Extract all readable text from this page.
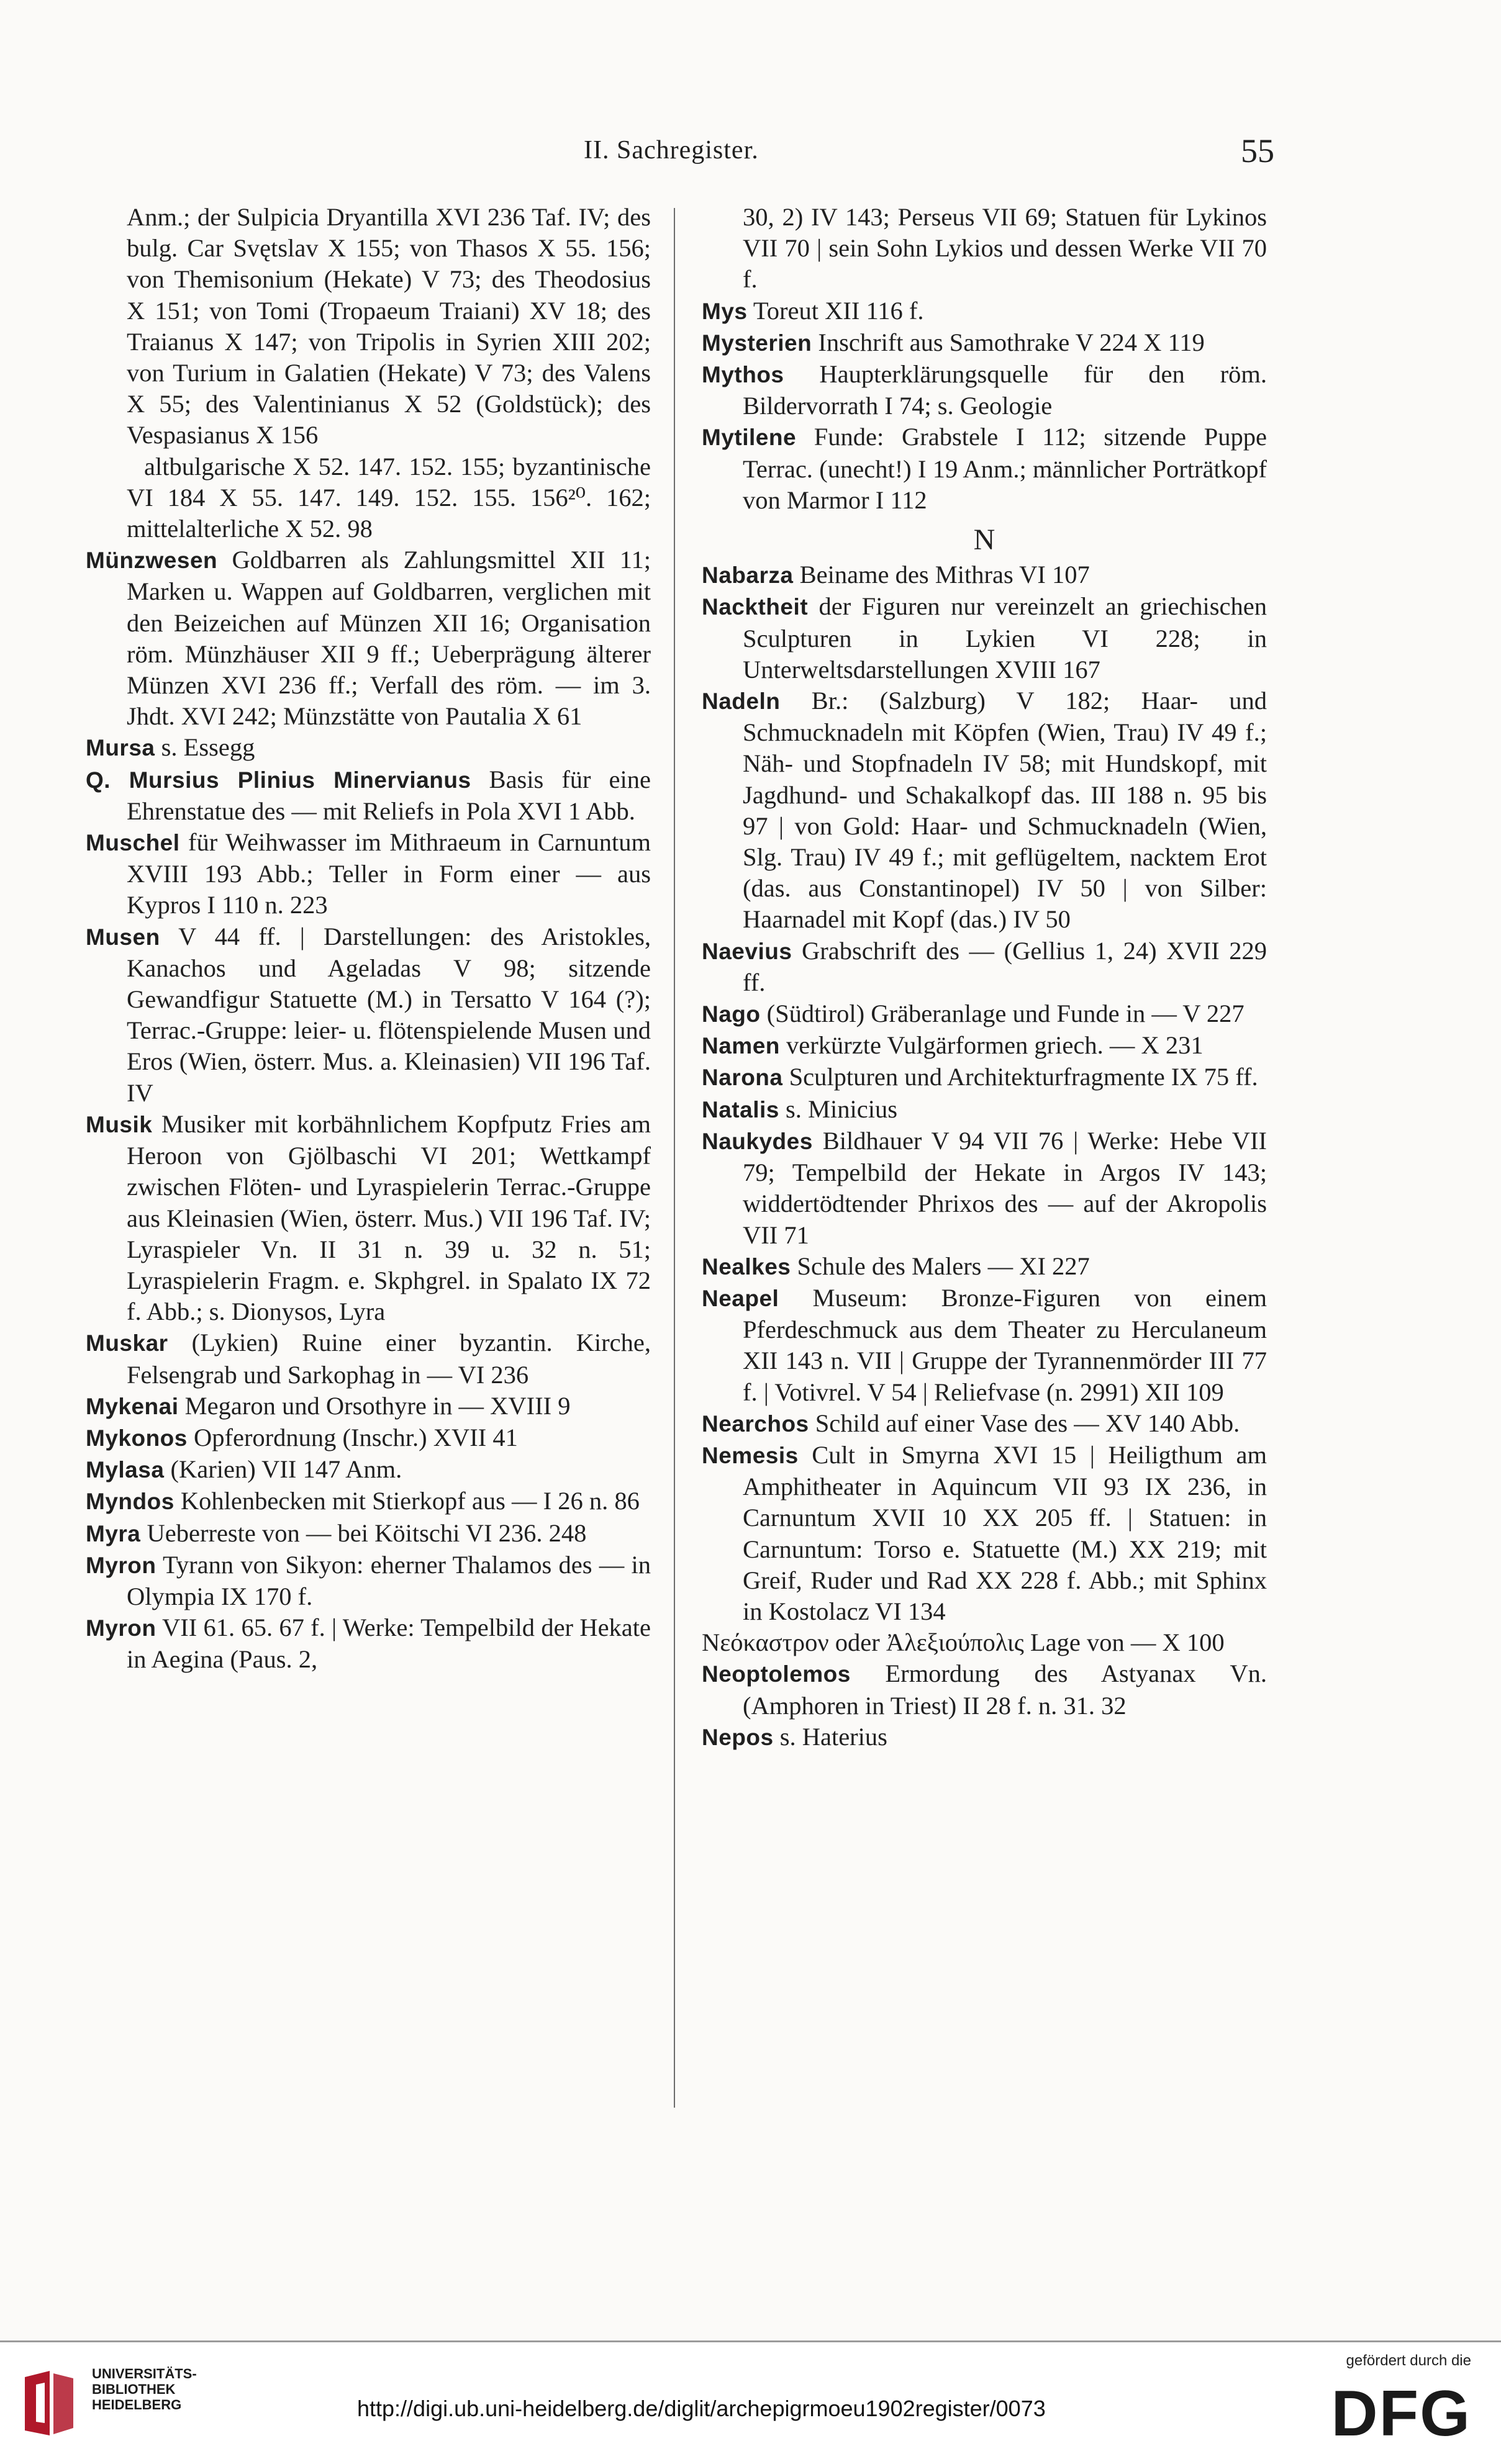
II. Sachregister.	55

Anm.; der Sulpicia Dryantilla XVI 236 Taf. IV; des bulg. Car Svętslav X 155; von Thasos X 55. 156; von Themisonium (Hekate) V 73; des Theodosius X 151; von Tomi (Tropaeum Traiani) XV 18; des Traianus X 147; von Tripolis in Syrien XIII 202; von Turium in Galatien (Hekate) V 73; des Valens X 55; des Valentinianus X 52 (Goldstück); des Vespasianus X 156

altbulgarische X 52. 147. 152. 155; byzantinische VI 184 X 55. 147. 149. 152. 155. 156²⁰. 162; mittelalterliche X 52. 98

Münzwesen Goldbarren als Zahlungsmittel XII 11; Marken u. Wappen auf Goldbarren, verglichen mit den Beizeichen auf Münzen XII 16; Organisation röm. Münzhäuser XII 9 ff.; Ueberprägung älterer Münzen XVI 236 ff.; Verfall des röm. — im 3. Jhdt. XVI 242; Münzstätte von Pautalia X 61

Mursa s. Essegg

Q. Mursius Plinius Minervianus Basis für eine Ehrenstatue des — mit Reliefs in Pola XVI 1 Abb.

Muschel für Weihwasser im Mithraeum in Carnuntum XVIII 193 Abb.; Teller in Form einer — aus Kypros I 110 n. 223

Musen V 44 ff. | Darstellungen: des Aristokles, Kanachos und Ageladas V 98; sitzende Gewandfigur Statuette (M.) in Tersatto V 164 (?); Terrac.-Gruppe: leier- u. flötenspielende Musen und Eros (Wien, österr. Mus. a. Kleinasien) VII 196 Taf. IV

Musik Musiker mit korbähnlichem Kopfputz Fries am Heroon von Gjölbaschi VI 201; Wettkampf zwischen Flöten- und Lyraspielerin Terrac.-Gruppe aus Kleinasien (Wien, österr. Mus.) VII 196 Taf. IV; Lyraspieler Vn. II 31 n. 39 u. 32 n. 51; Lyraspielerin Fragm. e. Skphgrel. in Spalato IX 72 f. Abb.; s. Dionysos, Lyra

Muskar (Lykien) Ruine einer byzantin. Kirche, Felsengrab und Sarkophag in — VI 236

Mykenai Megaron und Orsothyre in — XVIII 9

Mykonos Opferordnung (Inschr.) XVII 41

Mylasa (Karien) VII 147 Anm.

Myndos Kohlenbecken mit Stierkopf aus — I 26 n. 86

Myra Ueberreste von — bei Köitschi VI 236. 248

Myron Tyrann von Sikyon: eherner Thalamos des — in Olympia IX 170 f.

Myron VII 61. 65. 67 f. | Werke: Tempelbild der Hekate in Aegina (Paus. 2,

30, 2) IV 143; Perseus VII 69; Statuen für Lykinos VII 70 | sein Sohn Lykios und dessen Werke VII 70 f.

Mys Toreut XII 116 f.

Mysterien Inschrift aus Samothrake V 224 X 119

Mythos Haupterklärungsquelle für den röm. Bildervorrath I 74; s. Geologie

Mytilene Funde: Grabstele I 112; sitzende Puppe Terrac. (unecht!) I 19 Anm.; männlicher Porträtkopf von Marmor I 112

N

Nabarza Beiname des Mithras VI 107

Nacktheit der Figuren nur vereinzelt an griechischen Sculpturen in Lykien VI 228; in Unterweltsdarstellungen XVIII 167

Nadeln Br.: (Salzburg) V 182; Haar- und Schmucknadeln mit Köpfen (Wien, Trau) IV 49 f.; Näh- und Stopfnadeln IV 58; mit Hundskopf, mit Jagdhund- und Schakalkopf das. III 188 n. 95 bis 97 | von Gold: Haar- und Schmucknadeln (Wien, Slg. Trau) IV 49 f.; mit geflügeltem, nacktem Erot (das. aus Constantinopel) IV 50 | von Silber: Haarnadel mit Kopf (das.) IV 50

Naevius Grabschrift des — (Gellius 1, 24) XVII 229 ff.

Nago (Südtirol) Gräberanlage und Funde in — V 227

Namen verkürzte Vulgärformen griech. — X 231

Narona Sculpturen und Architekturfragmente IX 75 ff.

Natalis s. Minicius

Naukydes Bildhauer V 94 VII 76 | Werke: Hebe VII 79; Tempelbild der Hekate in Argos IV 143; widdertödtender Phrixos des — auf der Akropolis VII 71

Nealkes Schule des Malers — XI 227

Neapel Museum: Bronze-Figuren von einem Pferdeschmuck aus dem Theater zu Herculaneum XII 143 n. VII | Gruppe der Tyrannenmörder III 77 f. | Votivrel. V 54 | Reliefvase (n. 2991) XII 109

Nearchos Schild auf einer Vase des — XV 140 Abb.

Nemesis Cult in Smyrna XVI 15 | Heiligthum am Amphitheater in Aquincum VII 93 IX 236, in Carnuntum XVII 10 XX 205 ff. | Statuen: in Carnuntum: Torso e. Statuette (M.) XX 219; mit Greif, Ruder und Rad XX 228 f. Abb.; mit Sphinx in Kostolacz VI 134

Νεόκαστρον oder Ἀλεξιούπολις Lage von — X 100

Neoptolemos Ermordung des Astyanax Vn. (Amphoren in Triest) II 28 f. n. 31. 32

Nepos s. Haterius

UNIVERSITÄTS-
BIBLIOTHEK
HEIDELBERG	http://digi.ub.uni-heidelberg.de/diglit/archepigrmoeu1902register/0073
gefördert durch die
DFG
